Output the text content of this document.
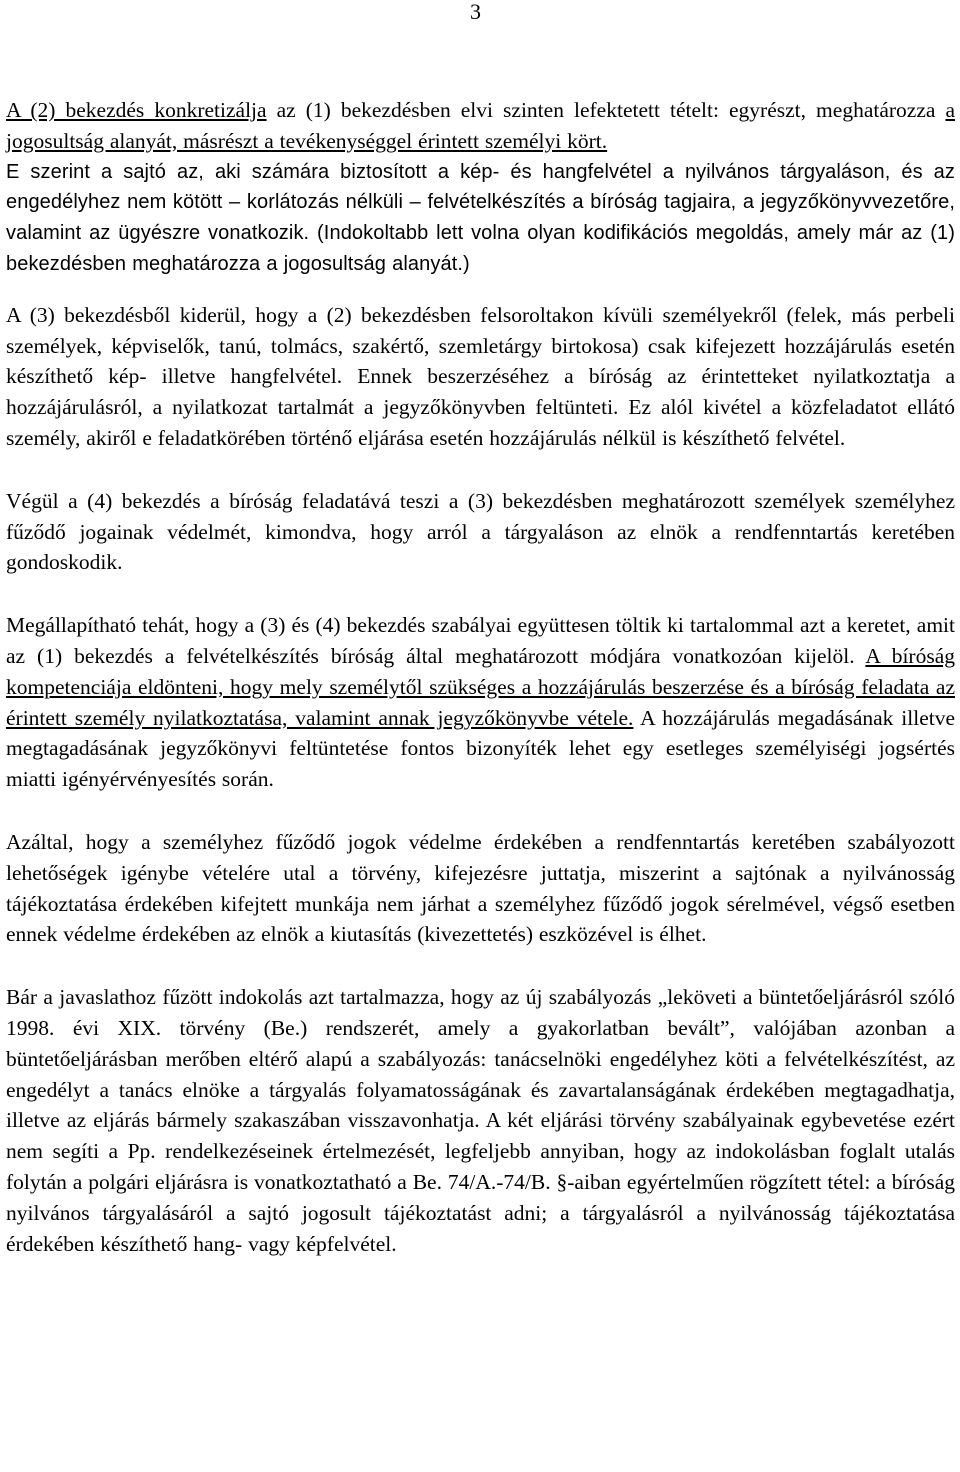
3

A (2) bekezdés konkretizálja az (1) bekezdésben elvi szinten lefektetett tételt: egyrészt, meghatározza a jogosultság alanyát, másrészt a tevékenységgel érintett személyi kört.

E szerint a sajtó az, aki számára biztosított a kép- és hangfelvétel a nyilvános tárgyaláson, és az engedélyhez nem kötött – korlátozás nélküli – felvételkészítés a bíróság tagjaira, a jegyzőkönyvvezetőre, valamint az ügyészre vonatkozik. (Indokoltabb lett volna olyan kodifikációs megoldás, amely már az (1) bekezdésben meghatározza a jogosultság alanyát.)

A (3) bekezdésből kiderül, hogy a (2) bekezdésben felsoroltakon kívüli személyekről (felek, más perbeli személyek, képviselők, tanú, tolmács, szakértő, szemletárgy birtokosa) csak kifejezett hozzájárulás esetén készíthető kép- illetve hangfelvétel. Ennek beszerzéséhez a bíróság az érintetteket nyilatkoztatja a hozzájárulásról, a nyilatkozat tartalmát a jegyzőkönyvben feltünteti. Ez alól kivétel a közfeladatot ellátó személy, akiről e feladatkörében történő eljárása esetén hozzájárulás nélkül is készíthető felvétel.

Végül a (4) bekezdés a bíróság feladatává teszi a (3) bekezdésben meghatározott személyek személyhez fűződő jogainak védelmét, kimondva, hogy arról a tárgyaláson az elnök a rendfenntartás keretében gondoskodik.

Megállapítható tehát, hogy a (3) és (4) bekezdés szabályai együttesen töltik ki tartalommal azt a keretet, amit az (1) bekezdés a felvételkészítés bíróság által meghatározott módjára vonatkozóan kijelöl. A bíróság kompetenciája eldönteni, hogy mely személytől szükséges a hozzájárulás beszerzése és a bíróság feladata az érintett személy nyilatkoztatása, valamint annak jegyzőkönyvbe vétele. A hozzájárulás megadásának illetve megtagadásának jegyzőkönyvi feltüntetése fontos bizonyíték lehet egy esetleges személyiségi jogsértés miatti igényérvényesítés során.

Azáltal, hogy a személyhez fűződő jogok védelme érdekében a rendfenntartás keretében szabályozott lehetőségek igénybe vételére utal a törvény, kifejezésre juttatja, miszerint a sajtónak a nyilvánosság tájékoztatása érdekében kifejtett munkája nem járhat a személyhez fűződő jogok sérelmével, végső esetben ennek védelme érdekében az elnök a kiutasítás (kivezettetés) eszközével is élhet.

Bár a javaslathoz fűzött indokolás azt tartalmazza, hogy az új szabályozás „leköveti a büntetőeljárásról szóló 1998. évi XIX. törvény (Be.) rendszerét, amely a gyakorlatban bevált”, valójában azonban a büntetőeljárásban merőben eltérő alapú a szabályozás: tanácselnöki engedélyhez köti a felvételkészítést, az engedélyt a tanács elnöke a tárgyalás folyamatosságának és zavartalanságának érdekében megtagadhatja, illetve az eljárás bármely szakaszában visszavonhatja. A két eljárási törvény szabályainak egybevetése ezért nem segíti a Pp. rendelkezéseinek értelmezését, legfeljebb annyiban, hogy az indokolásban foglalt utalás folytán a polgári eljárásra is vonatkoztatható a Be. 74/A.-74/B. §-aiban egyértelműen rögzített tétel: a bíróság nyilvános tárgyalásáról a sajtó jogosult tájékoztatást adni; a tárgyalásról a nyilvánosság tájékoztatása érdekében készíthető hang- vagy képfelvétel.
